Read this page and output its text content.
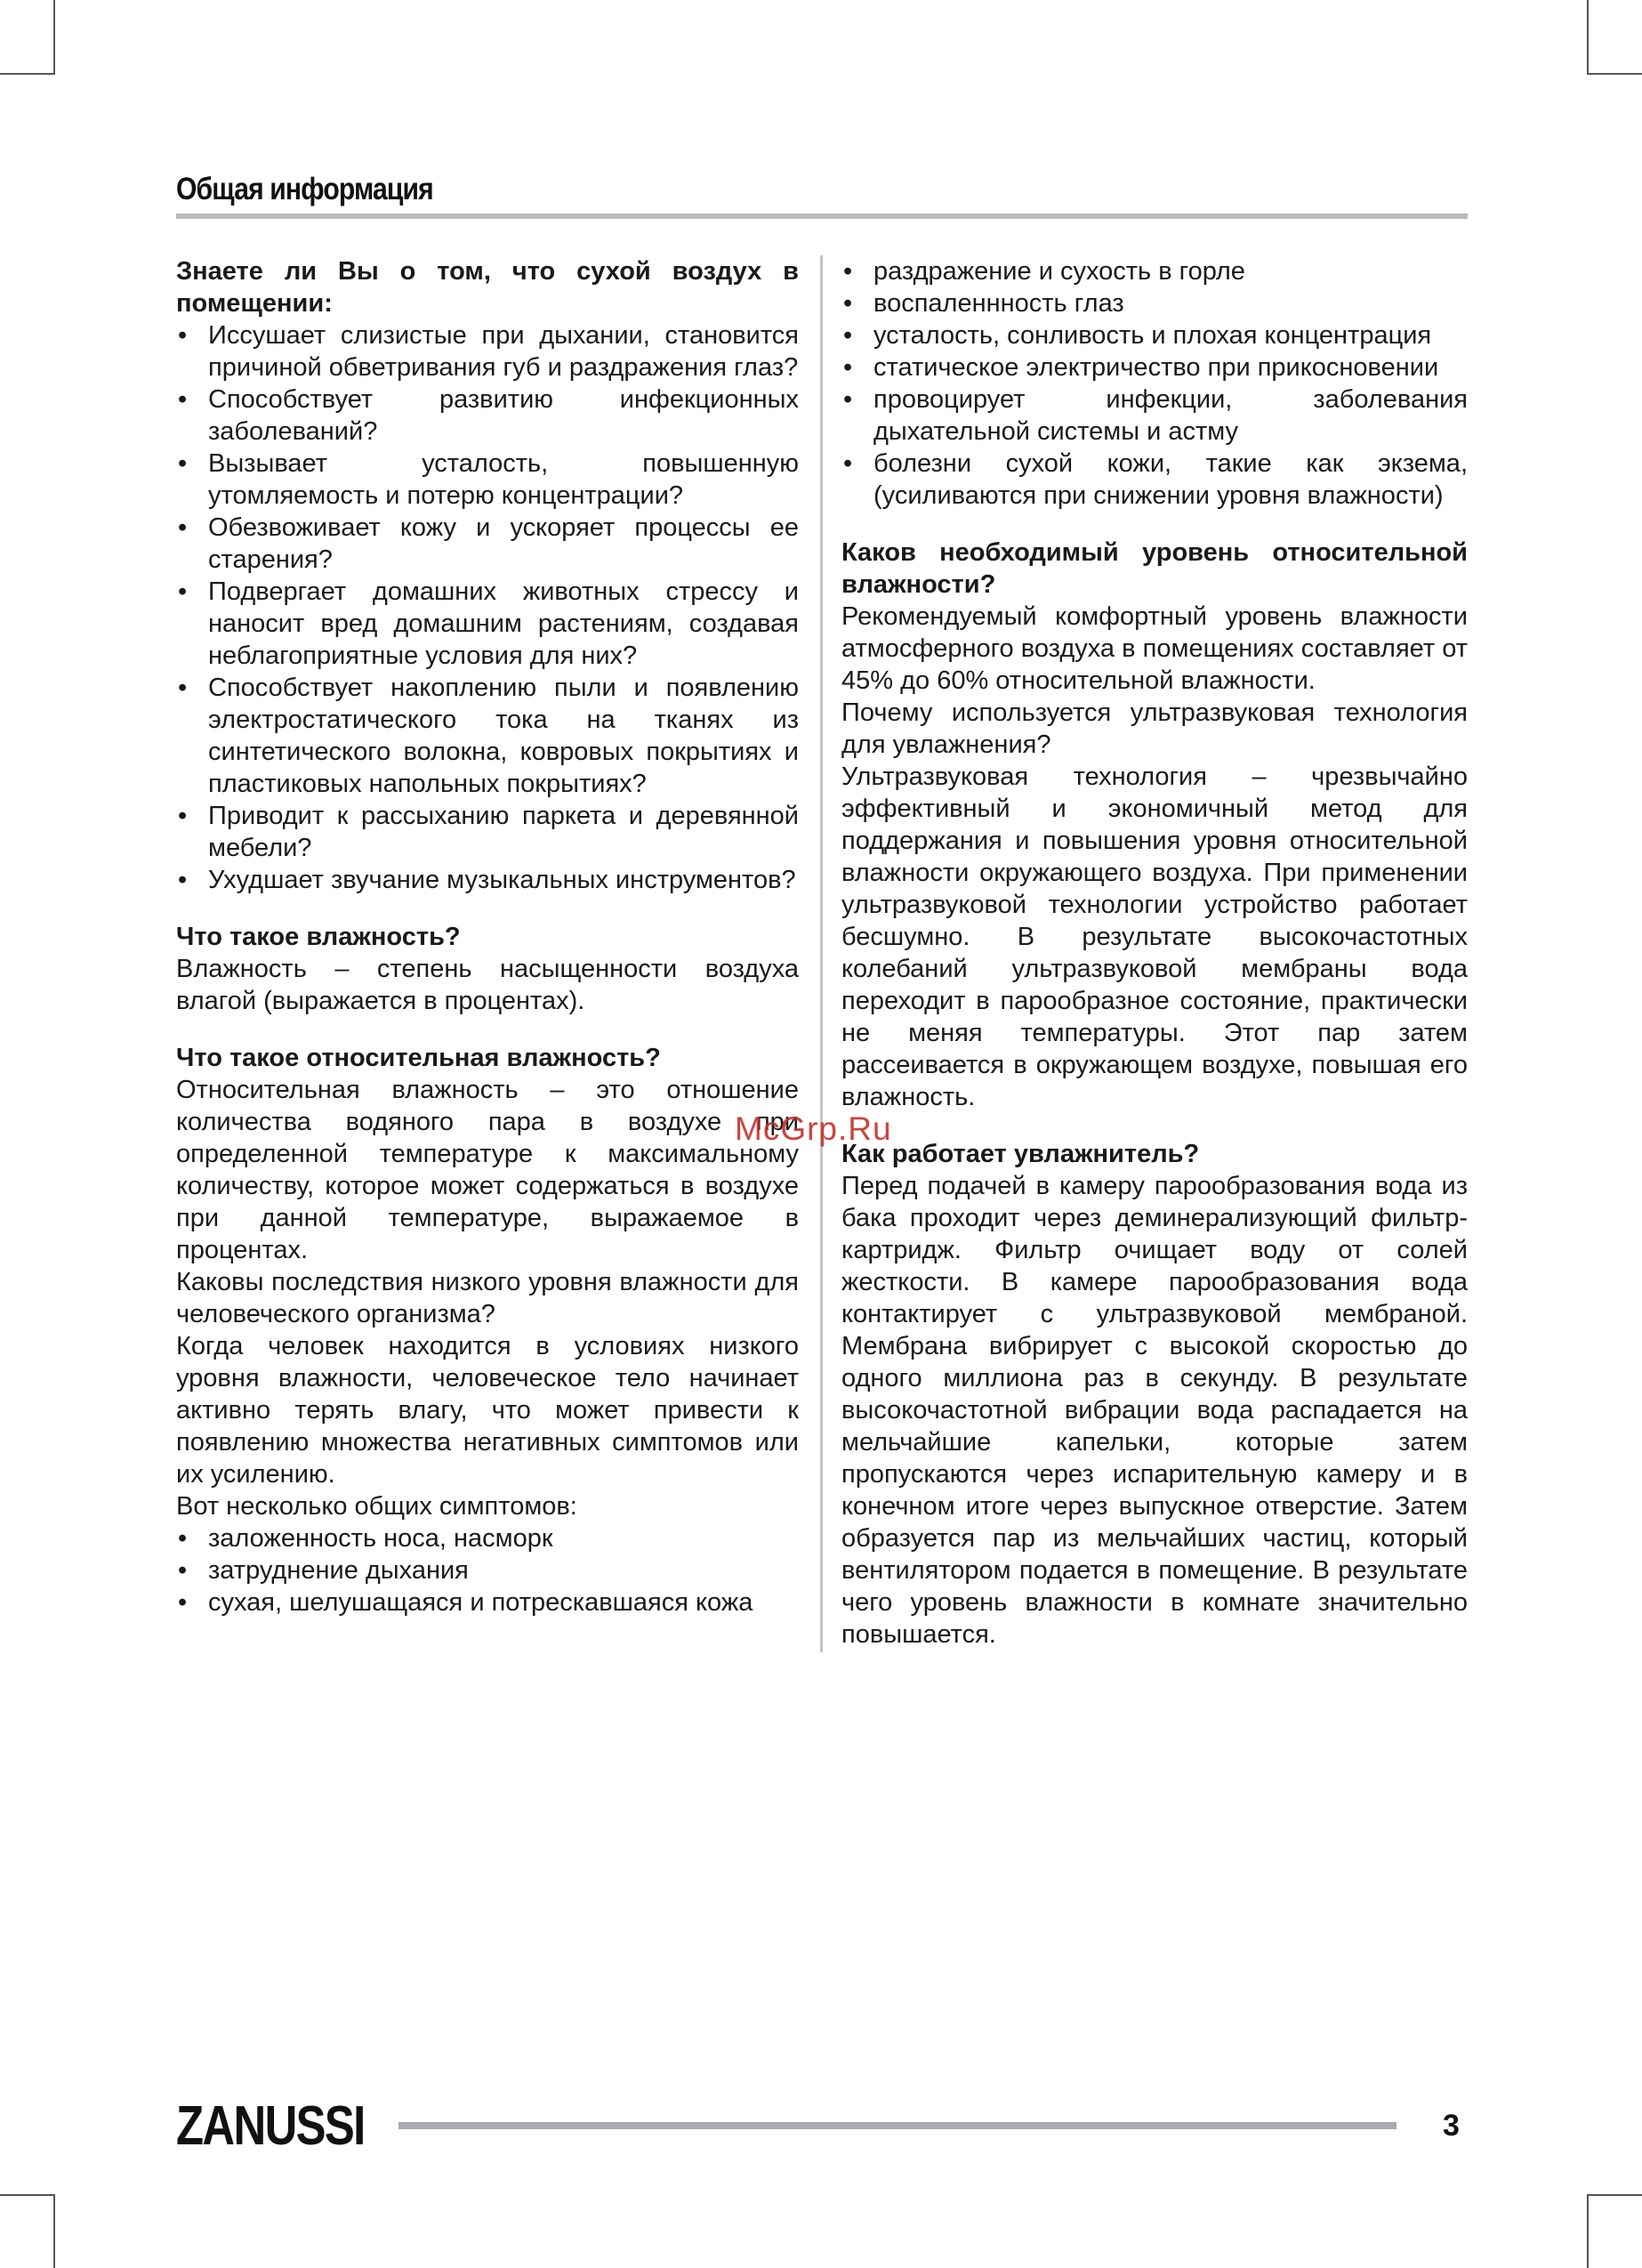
Общая информация

Знаете ли Вы о том, что сухой воздух в помещении:

• Иссушает слизистые при дыхании, становится причиной обветривания губ и раздражения глаз?
• Способствует развитию инфекционных заболеваний?
• Вызывает усталость, повышенную утомляемость и потерю концентрации?
• Обезвоживает кожу и ускоряет процессы ее старения?
• Подвергает домашних животных стрессу и наносит вред домашним растениям, создавая неблагоприятные условия для них?
• Способствует накоплению пыли и появлению электростатического тока на тканях из синтетического волокна, ковровых покрытиях и пластиковых напольных покрытиях?
• Приводит к рассыханию паркета и деревянной мебели?
• Ухудшает звучание музыкальных инструментов?

Что такое влажность?

Влажность – степень насыщенности воздуха влагой (выражается в процентах).

Что такое относительная влажность?

Относительная влажность – это отношение количества водяного пара в воздухе при определенной температуре к максимальному количеству, которое может содержаться в воздухе при данной температуре, выражаемое в процентах.

Каковы последствия низкого уровня влажности для человеческого организма?

Когда человек находится в условиях низкого уровня влажности, человеческое тело начинает активно терять влагу, что может привести к появлению множества негативных симптомов или их усилению.

Вот несколько общих симптомов:

• заложенность носа, насморк
• затруднение дыхания
• сухая, шелушащаяся и потрескавшаяся кожа
• раздражение и сухость в горле
• воспаленнность глаз
• усталость, сонливость и плохая концентрация
• статическое электричество при прикосновении
• провоцирует инфекции, заболевания дыхательной системы и астму
• болезни сухой кожи, такие как экзема, (усиливаются при снижении уровня влажности)

Каков необходимый уровень относительной влажности?

Рекомендуемый комфортный уровень влажности атмосферного воздуха в помещениях составляет от 45% до 60% относительной влажности.

Почему используется ультразвуковая технология для увлажнения?

Ультразвуковая технология – чрезвычайно эффективный и экономичный метод для поддержания и повышения уровня относительной влажности окружающего воздуха. При применении ультразвуковой технологии устройство работает бесшумно. В результате высокочастотных колебаний ультразвуковой мембраны вода переходит в парообразное состояние, практически не меняя температуры. Этот пар затем рассеивается в окружающем воздухе, повышая его влажность.

Как работает увлажнитель?

Перед подачей в камеру парообразования вода из бака проходит через деминерализующий фильтр-картридж. Фильтр очищает воду от солей жесткости. В камере парообразования вода контактирует с ультразвуковой мембраной. Мембрана вибрирует с высокой скоростью до одного миллиона раз в секунду. В результате высокочастотной вибрации вода распадается на мельчайшие капельки, которые затем пропускаются через испарительную камеру и в конечном итоге через выпускное отверстие. Затем образуется пар из мельчайших частиц, который вентилятором подается в помещение. В результате чего уровень влажности в комнате значительно повышается.

McGrp.Ru
ZANUSSI	3
